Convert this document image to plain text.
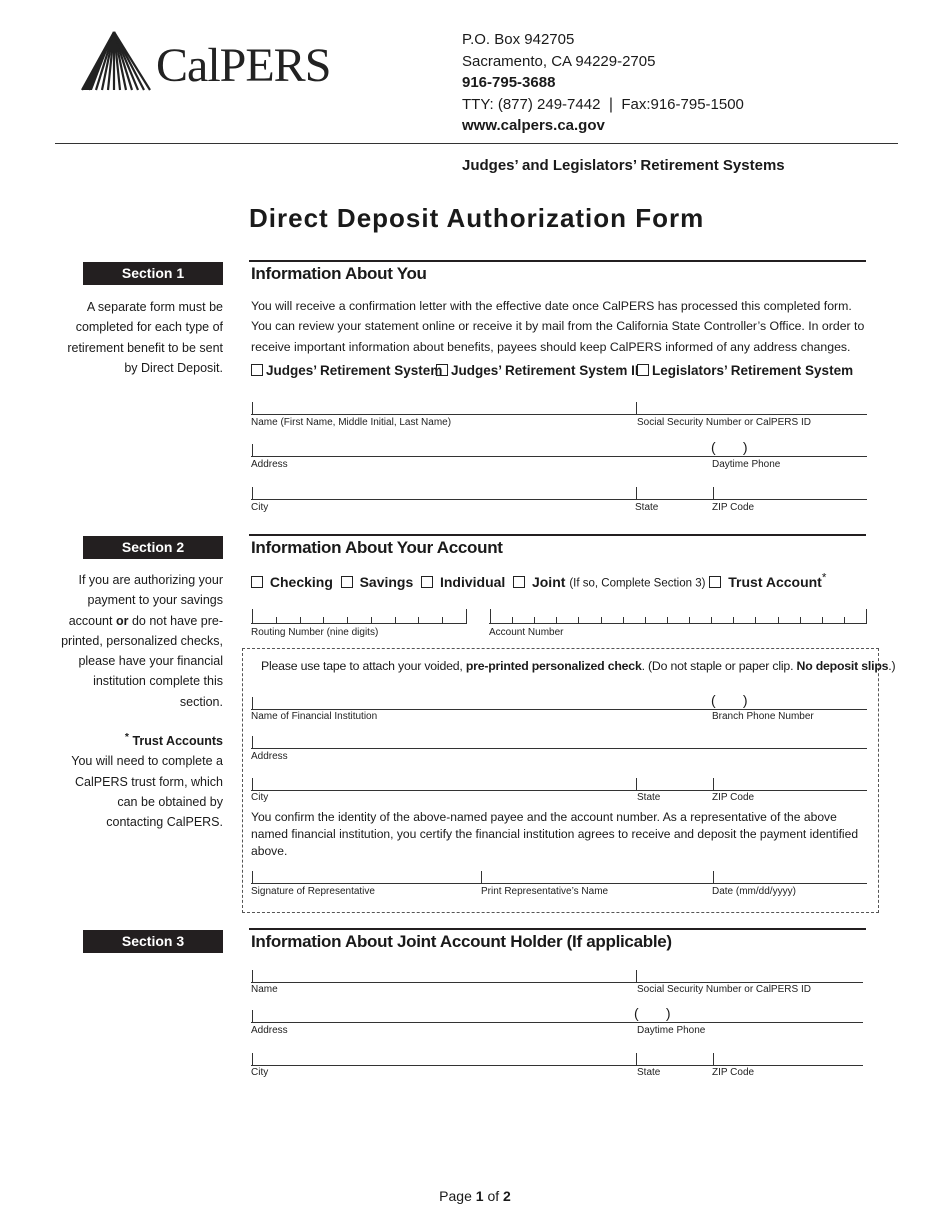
CalPERS	P.O. Box 942705
Sacramento, CA 94229-2705
916-795-3688
TTY: (877) 249-7442 ❘ Fax:916-795-1500
www.calpers.ca.gov
Judges’ and Legislators’ Retirement Systems
Direct Deposit Authorization Form
Section 1	Information About You
A separate form must be completed for each type of retirement benefit to be sent by Direct Deposit.
You will receive a confirmation letter with the effective date once CalPERS has processed this completed form. You can review your statement online or receive it by mail from the California State Controller’s Office. In order to receive important information about benefits, payees should keep CalPERS informed of any address changes.
Judges’ Retirement System Judges’ Retirement System II Legislators’ Retirement System
Name (First Name, Middle Initial, Last Name)	Social Security Number or CalPERS ID
(       )
Address	Daytime Phone
City	State	ZIP Code
Section 2	Information About Your Account
If you are authorizing your payment to your savings account or do not have pre-printed, personalized checks, please have your financial institution complete this section.
* Trust Accounts
You will need to complete a CalPERS trust form, which can be obtained by contacting CalPERS.
Checking Savings Individual Joint (If so, Complete Section 3) Trust Account*
Routing Number (nine digits)	Account Number
Please use tape to attach your voided, pre-printed personalized check. (Do not staple or paper clip. No deposit slips.)
(       )
Name of Financial Institution	Branch Phone Number
Address
City	State	ZIP Code
You confirm the identity of the above-named payee and the account number. As a representative of the above named financial institution, you certify the financial institution agrees to receive and deposit the payment identified above.
Signature of Representative	Print Representative’s Name	Date (mm/dd/yyyy)
Section 3	Information About Joint Account Holder (If applicable)
Name	Social Security Number or CalPERS ID
(       )
Address	Daytime Phone
City	State	ZIP Code
Page 1 of 2
